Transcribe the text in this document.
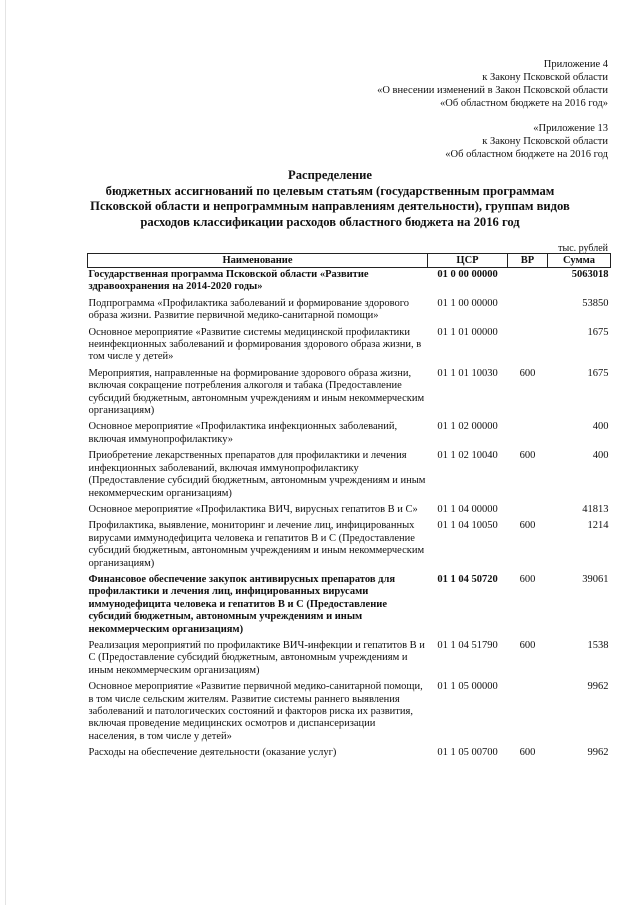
Приложение 4
к Закону Псковской области
«О внесении изменений в Закон Псковской области
«Об областном бюджете на 2016 год»
«Приложение 13
к Закону Псковской области
«Об областном бюджете на 2016 год
Распределение
бюджетных ассигнований по целевым статьям (государственным программам
Псковской области и непрограммным направлениям деятельности), группам видов
расходов классификации расходов областного бюджета на 2016 год
тыс. рублей
Наименование	ЦСР	ВР	Сумма
Государственная программа Псковской области «Развитие здравоохранения на 2014-2020 годы»	01 0 00 00000		5063018
Подпрограмма «Профилактика заболеваний и формирование здорового образа жизни. Развитие первичной медико-санитарной помощи»	01 1 00 00000		53850
Основное мероприятие «Развитие системы медицинской профилактики неинфекционных заболеваний и формирования здорового образа жизни, в том числе у детей»	01 1 01 00000		1675
Мероприятия, направленные на формирование здорового образа жизни, включая сокращение потребления алкоголя и табака (Предоставление субсидий бюджетным, автономным учреждениям и иным некоммерческим организациям)	01 1 01 10030	600	1675
Основное мероприятие «Профилактика инфекционных заболеваний, включая иммунопрофилактику»	01 1 02 00000		400
Приобретение лекарственных препаратов для профилактики и лечения инфекционных заболеваний, включая иммунопрофилактику (Предоставление субсидий бюджетным, автономным учреждениям и иным некоммерческим организациям)	01 1 02 10040	600	400
Основное мероприятие «Профилактика ВИЧ, вирусных гепатитов В и С»	01 1 04 00000		41813
Профилактика, выявление, мониторинг и лечение лиц, инфицированных вирусами иммунодефицита человека и гепатитов В и С (Предоставление субсидий бюджетным, автономным учреждениям и иным некоммерческим организациям)	01 1 04 10050	600	1214
Финансовое обеспечение закупок антивирусных препаратов для профилактики и лечения лиц, инфицированных вирусами иммунодефицита человека и гепатитов В и С (Предоставление субсидий бюджетным, автономным учреждениям и иным некоммерческим организациям)	01 1 04 50720	600	39061
Реализация мероприятий по профилактике ВИЧ-инфекции и гепатитов В и С (Предоставление субсидий бюджетным, автономным учреждениям и иным некоммерческим организациям)	01 1 04 51790	600	1538
Основное мероприятие «Развитие первичной медико-санитарной помощи, в том числе сельским жителям. Развитие системы раннего выявления заболеваний и патологических состояний и факторов риска их развития, включая проведение медицинских осмотров и диспансеризации населения, в том числе у детей»	01 1 05 00000		9962
Расходы на обеспечение деятельности (оказание услуг)	01 1 05 00700	600	9962
